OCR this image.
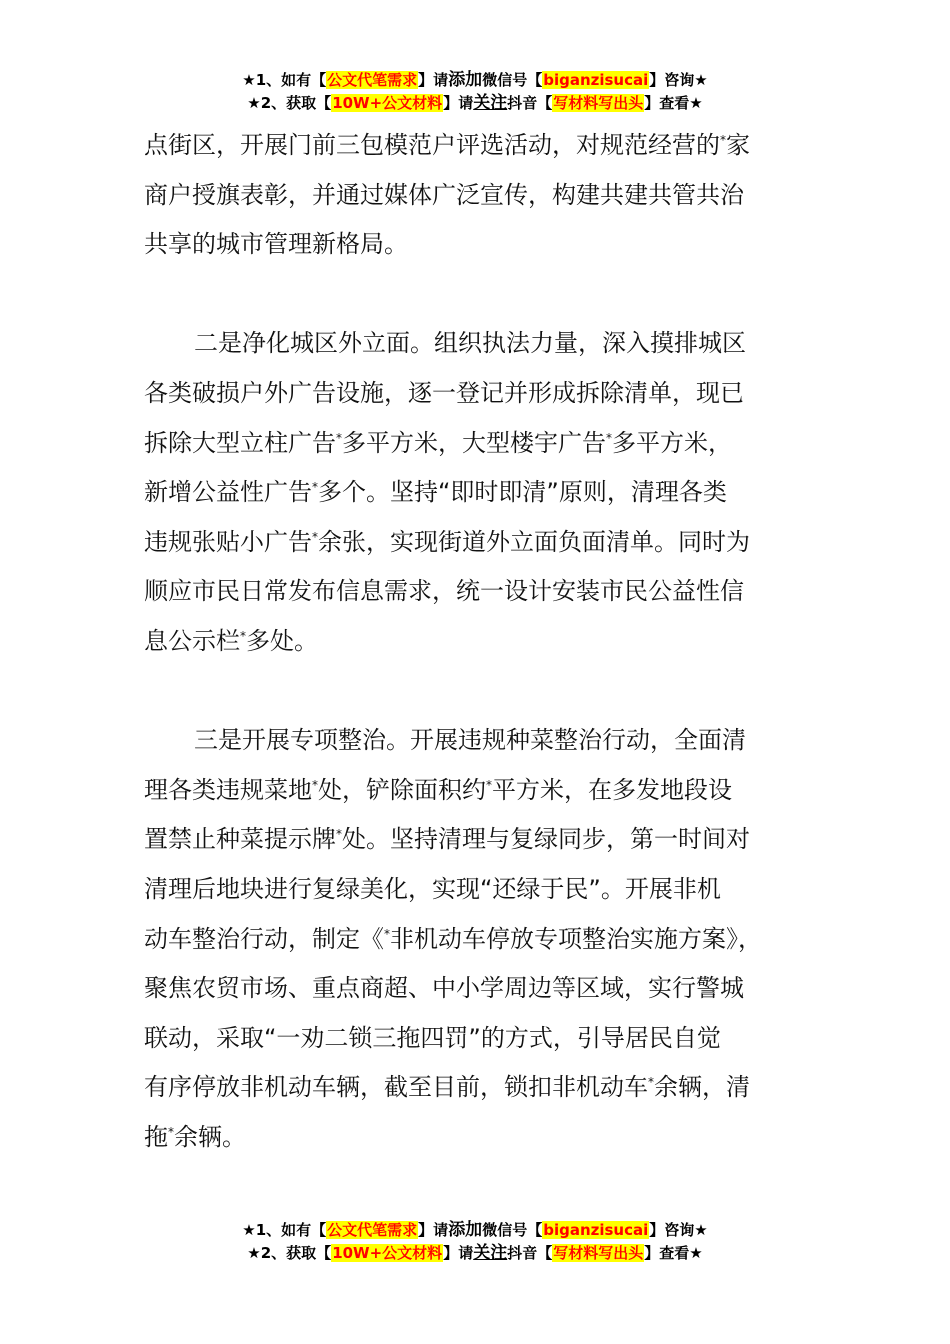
★1、如有【公文代笔需求】请添加微信号【biganzisucai】咨询★
★2、获取【10W+公文材料】请关注抖音【写材料写出头】查看★
点街区，开展门前三包模范户评选活动，对规范经营的*家
商户授旗表彰，并通过媒体广泛宣传，构建共建共管共治
共享的城市管理新格局。
二是净化城区外立面。组织执法力量，深入摸排城区
各类破损户外广告设施，逐一登记并形成拆除清单，现已
拆除大型立柱广告*多平方米，大型楼宇广告*多平方米，
新增公益性广告*多个。坚持“即时即清”原则，清理各类
违规张贴小广告*余张，实现街道外立面负面清单。同时为
顺应市民日常发布信息需求，统一设计安装市民公益性信
息公示栏*多处。
三是开展专项整治。开展违规种菜整治行动，全面清
理各类违规菜地*处，铲除面积约*平方米，在多发地段设
置禁止种菜提示牌*处。坚持清理与复绿同步，第一时间对
清理后地块进行复绿美化，实现“还绿于民”。开展非机
动车整治行动，制定《*非机动车停放专项整治实施方案》，
聚焦农贸市场、重点商超、中小学周边等区域，实行警城
联动，采取“一劝二锁三拖四罚”的方式，引导居民自觉
有序停放非机动车辆，截至目前，锁扣非机动车*余辆，清
拖*余辆。
★1、如有【公文代笔需求】请添加微信号【biganzisucai】咨询★
★2、获取【10W+公文材料】请关注抖音【写材料写出头】查看★
